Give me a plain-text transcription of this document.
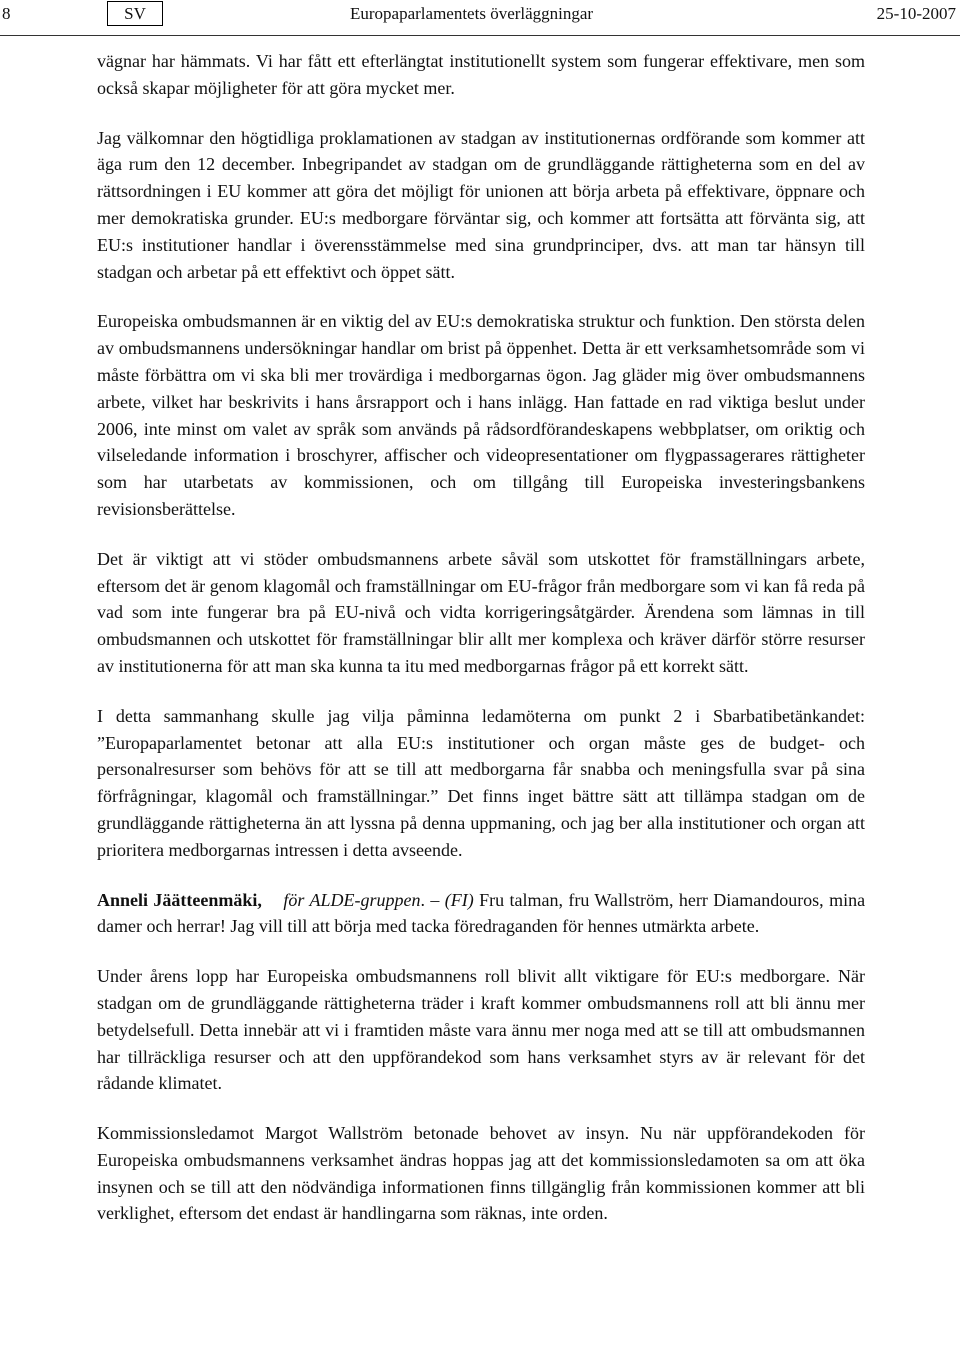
8	SV	Europaparlamentets överläggningar	25-10-2007

vägnar har hämmats. Vi har fått ett efterlängtat institutionellt system som fungerar effektivare, men som också skapar möjligheter för att göra mycket mer.

Jag välkomnar den högtidliga proklamationen av stadgan av institutionernas ordförande som kommer att äga rum den 12 december. Inbegripandet av stadgan om de grundläggande rättigheterna som en del av rättsordningen i EU kommer att göra det möjligt för unionen att börja arbeta på effektivare, öppnare och mer demokratiska grunder. EU:s medborgare förväntar sig, och kommer att fortsätta att förvänta sig, att EU:s institutioner handlar i överensstämmelse med sina grundprinciper, dvs. att man tar hänsyn till stadgan och arbetar på ett effektivt och öppet sätt.

Europeiska ombudsmannen är en viktig del av EU:s demokratiska struktur och funktion. Den största delen av ombudsmannens undersökningar handlar om brist på öppenhet. Detta är ett verksamhetsområde som vi måste förbättra om vi ska bli mer trovärdiga i medborgarnas ögon. Jag gläder mig över ombudsmannens arbete, vilket har beskrivits i hans årsrapport och i hans inlägg. Han fattade en rad viktiga beslut under 2006, inte minst om valet av språk som används på rådsordförandeskapens webbplatser, om oriktig och vilseledande information i broschyrer, affischer och videopresentationer om flygpassagerares rättigheter som har utarbetats av kommissionen, och om tillgång till Europeiska investeringsbankens revisionsberättelse.

Det är viktigt att vi stöder ombudsmannens arbete såväl som utskottet för framställningars arbete, eftersom det är genom klagomål och framställningar om EU-frågor från medborgare som vi kan få reda på vad som inte fungerar bra på EU-nivå och vidta korrigeringsåtgärder. Ärendena som lämnas in till ombudsmannen och utskottet för framställningar blir allt mer komplexa och kräver därför större resurser av institutionerna för att man ska kunna ta itu med medborgarnas frågor på ett korrekt sätt.

I detta sammanhang skulle jag vilja påminna ledamöterna om punkt 2 i Sbarbatibetänkandet: ”Europaparlamentet betonar att alla EU:s institutioner och organ måste ges de budget- och personalresurser som behövs för att se till att medborgarna får snabba och meningsfulla svar på sina förfrågningar, klagomål och framställningar.” Det finns inget bättre sätt att tillämpa stadgan om de grundläggande rättigheterna än att lyssna på denna uppmaning, och jag ber alla institutioner och organ att prioritera medborgarnas intressen i detta avseende.

Anneli Jäätteenmäki, för ALDE-gruppen. – (FI) Fru talman, fru Wallström, herr Diamandouros, mina damer och herrar! Jag vill till att börja med tacka föredraganden för hennes utmärkta arbete.

Under årens lopp har Europeiska ombudsmannens roll blivit allt viktigare för EU:s medborgare. När stadgan om de grundläggande rättigheterna träder i kraft kommer ombudsmannens roll att bli ännu mer betydelsefull. Detta innebär att vi i framtiden måste vara ännu mer noga med att se till att ombudsmannen har tillräckliga resurser och att den uppförandekod som hans verksamhet styrs av är relevant för det rådande klimatet.

Kommissionsledamot Margot Wallström betonade behovet av insyn. Nu när uppförandekoden för Europeiska ombudsmannens verksamhet ändras hoppas jag att det kommissionsledamoten sa om att öka insynen och se till att den nödvändiga informationen finns tillgänglig från kommissionen kommer att bli verklighet, eftersom det endast är handlingarna som räknas, inte orden.
